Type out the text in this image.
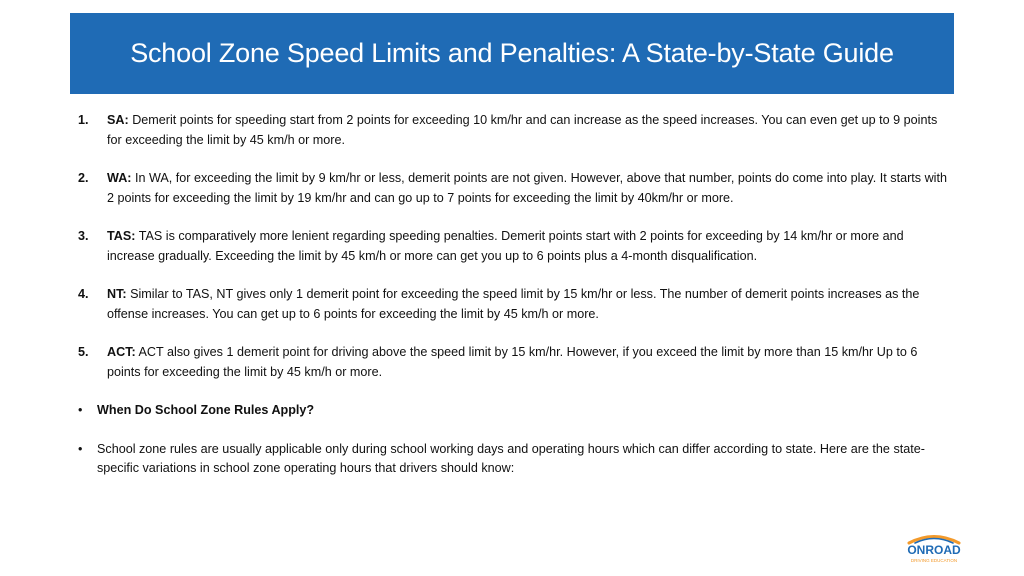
School Zone Speed Limits and Penalties: A State-by-State Guide
1. SA: Demerit points for speeding start from 2 points for exceeding 10 km/hr and can increase as the speed increases. You can even get up to 9 points for exceeding the limit by 45 km/h or more.
2. WA: In WA, for exceeding the limit by 9 km/hr or less, demerit points are not given. However, above that number, points do come into play. It starts with 2 points for exceeding the limit by 19 km/hr and can go up to 7 points for exceeding the limit by 40km/hr or more.
3. TAS: TAS is comparatively more lenient regarding speeding penalties. Demerit points start with 2 points for exceeding by 14 km/hr or more and increase gradually. Exceeding the limit by 45 km/h or more can get you up to 6 points plus a 4-month disqualification.
4. NT: Similar to TAS, NT gives only 1 demerit point for exceeding the speed limit by 15 km/hr or less. The number of demerit points increases as the offense increases. You can get up to 6 points for exceeding the limit by 45 km/h or more.
5. ACT: ACT also gives 1 demerit point for driving above the speed limit by 15 km/hr. However, if you exceed the limit by more than 15 km/hr Up to 6 points for exceeding the limit by 45 km/h or more.
• When Do School Zone Rules Apply?
• School zone rules are usually applicable only during school working days and operating hours which can differ according to state. Here are the state-specific variations in school zone operating hours that drivers should know:
ONROAD
DRIVING EDUCATION
